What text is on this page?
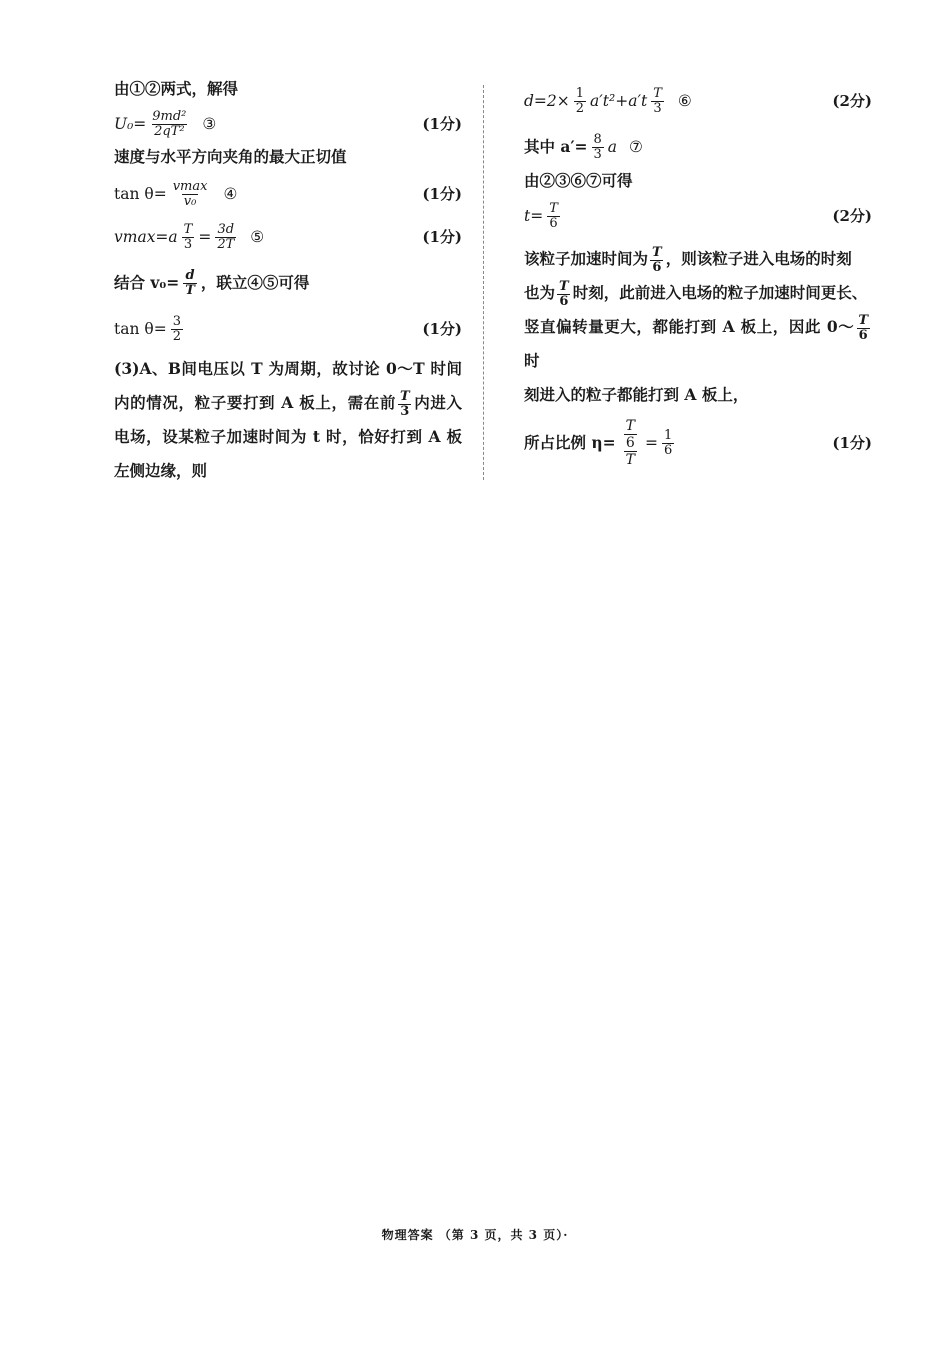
由①②两式，解得
$U_0= \frac{\text{9md²}}{\text{2qT²}}$ ③	(1分)
速度与水平方向夹角的最大正切值
$\tan \theta= \frac{vmax}{\text{v₀}}$ ④	(1分)
$vmax=a \frac{T}{3} = \frac{3d}{2T}$ ⑤	(1分)
结合 $v_0= \frac{d}{T}$ ，联立④⑤可得
$\tan \theta= \frac{3}{2}$	(1分)
(3)A、B间电压以 T 为周期，故讨论 0～T 时间内的情况，粒子要打到 A 板上，需在前 $\frac{T}{3}$ 内进入电场，设某粒子加速时间为 t 时，恰好打到 A 板左侧边缘，则
$d=2\times \frac{1}{2} a't^2+a't \frac{T}{3}$ ⑥	(2分)
其中 $a'= \frac{8}{3}$ a ⑦
由②③⑥⑦可得
$t= \frac{T}{6}$	(2分)
该粒子加速时间为 $\frac{T}{6}$ ，则该粒子进入电场的时刻
也为 $\frac{T}{6}$ 时刻，此前进入电场的粒子加速时间更长、
竖直偏转量更大，都能打到 A 板上，因此 0～ $\frac{T}{6}$
时
刻进入的粒子都能打到 A 板上，
所占比例 $\eta= \frac{\frac{T}{6}}{T} = \frac{1}{6}$	(1分)
物理答案 （第 3 页，共 3 页）·
